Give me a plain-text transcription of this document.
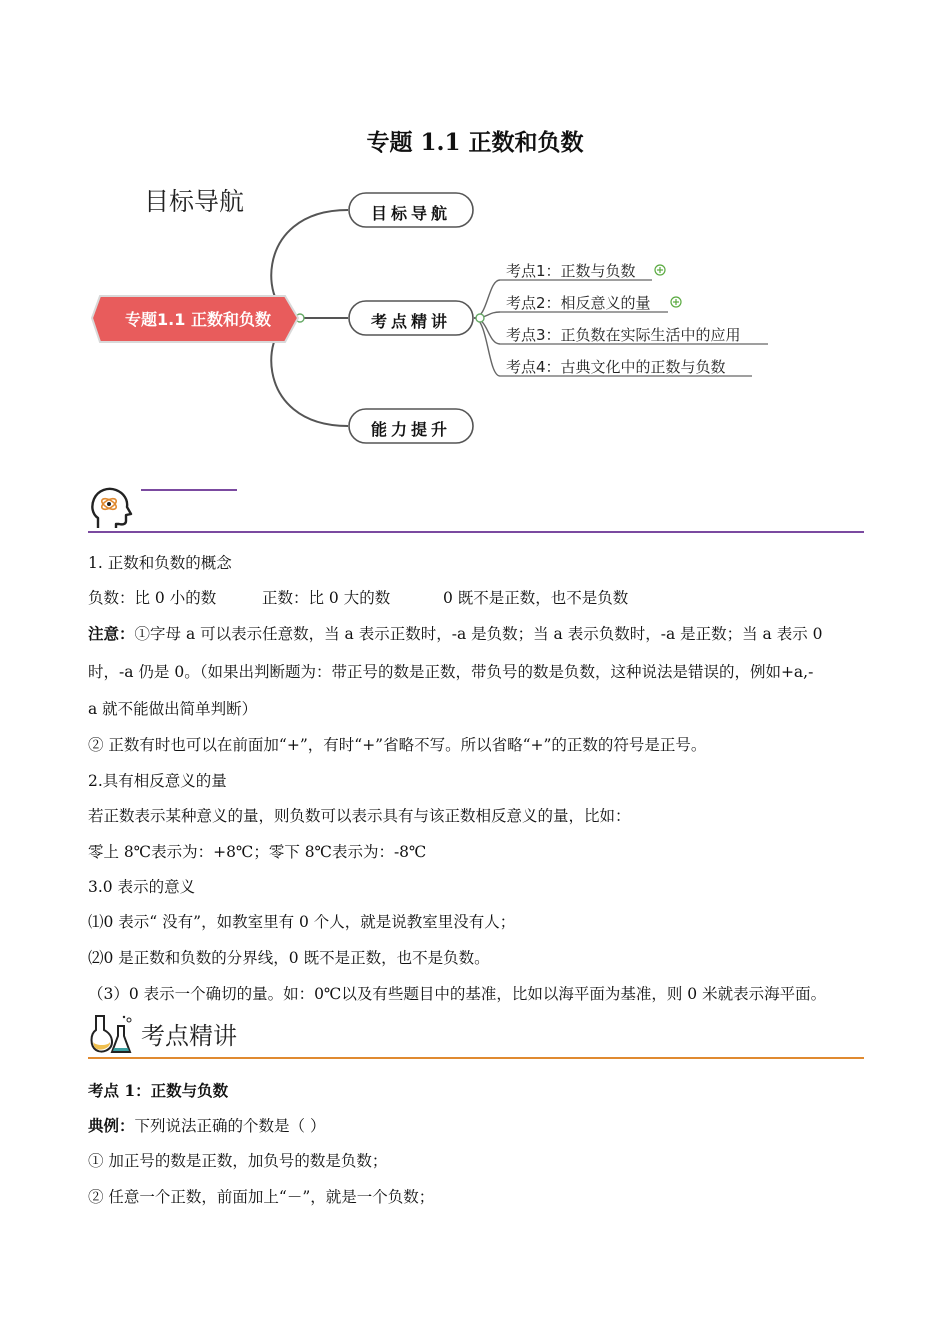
专题 1.1 正数和负数
目标导航
专题1.1 正数和负数
目标导航
考点精讲
能力提升
考点1：正数与负数
考点2：相反意义的量
考点3：正负数在实际生活中的应用
考点4：古典文化中的正数与负数
1. 正数和负数的概念
负数：比 0 小的数	正数：比 0 大的数	0 既不是正数，也不是负数
注意：①字母 a 可以表示任意数，当 a 表示正数时，-a 是负数；当 a 表示负数时，-a 是正数；当 a 表示 0
时，-a 仍是 0。（如果出判断题为：带正号的数是正数，带负号的数是负数，这种说法是错误的，例如+a,-
a 就不能做出简单判断）
② 正数有时也可以在前面加“+”，有时“+”省略不写。所以省略“+”的正数的符号是正号。
2.具有相反意义的量
若正数表示某种意义的量，则负数可以表示具有与该正数相反意义的量，比如：
零上 8℃表示为：+8℃；零下 8℃表示为：-8℃
3.0 表示的意义
⑴0 表示“ 没有”，如教室里有 0 个人，就是说教室里没有人；
⑵0 是正数和负数的分界线，0 既不是正数，也不是负数。
（3）0 表示一个确切的量。如：0℃以及有些题目中的基准，比如以海平面为基准，则 0 米就表示海平面。
考点精讲
考点 1：正数与负数
典例：下列说法正确的个数是（ ）
① 加正号的数是正数，加负号的数是负数；
② 任意一个正数，前面加上“－”，就是一个负数；
